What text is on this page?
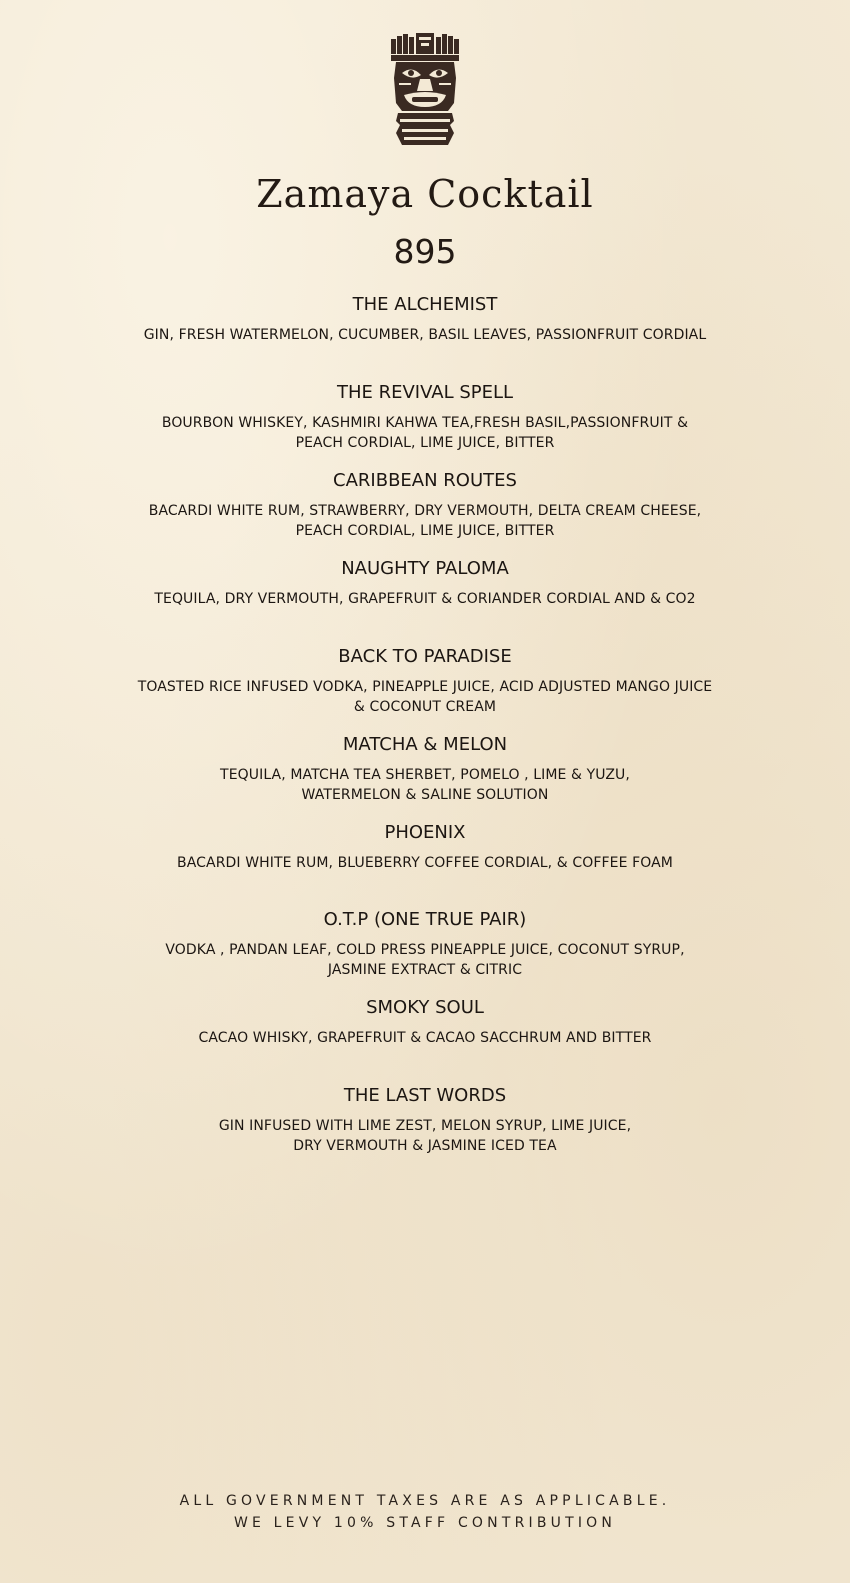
Zamaya Cocktail
895

THE ALCHEMIST

GIN, FRESH WATERMELON, CUCUMBER, BASIL LEAVES, PASSIONFRUIT CORDIAL

THE REVIVAL SPELL

BOURBON WHISKEY, KASHMIRI KAHWA TEA,FRESH BASIL,PASSIONFRUIT &
PEACH CORDIAL, LIME JUICE, BITTER

CARIBBEAN ROUTES

BACARDI WHITE RUM, STRAWBERRY, DRY VERMOUTH, DELTA CREAM CHEESE,
PEACH CORDIAL, LIME JUICE, BITTER

NAUGHTY PALOMA

TEQUILA, DRY VERMOUTH, GRAPEFRUIT & CORIANDER CORDIAL AND & CO2

BACK TO PARADISE

TOASTED RICE INFUSED VODKA, PINEAPPLE JUICE, ACID ADJUSTED MANGO JUICE
& COCONUT CREAM

MATCHA & MELON

TEQUILA, MATCHA TEA SHERBET, POMELO , LIME & YUZU,
WATERMELON & SALINE SOLUTION

PHOENIX

BACARDI WHITE RUM, BLUEBERRY COFFEE CORDIAL, & COFFEE FOAM

O.T.P (ONE TRUE PAIR)

VODKA , PANDAN LEAF, COLD PRESS PINEAPPLE JUICE, COCONUT SYRUP,
JASMINE EXTRACT & CITRIC

SMOKY SOUL

CACAO WHISKY, GRAPEFRUIT & CACAO SACCHRUM AND BITTER

THE LAST WORDS

GIN INFUSED WITH LIME ZEST, MELON SYRUP, LIME JUICE,
DRY VERMOUTH & JASMINE ICED TEA

ALL GOVERNMENT TAXES ARE AS APPLICABLE.
WE LEVY 10% STAFF CONTRIBUTION
